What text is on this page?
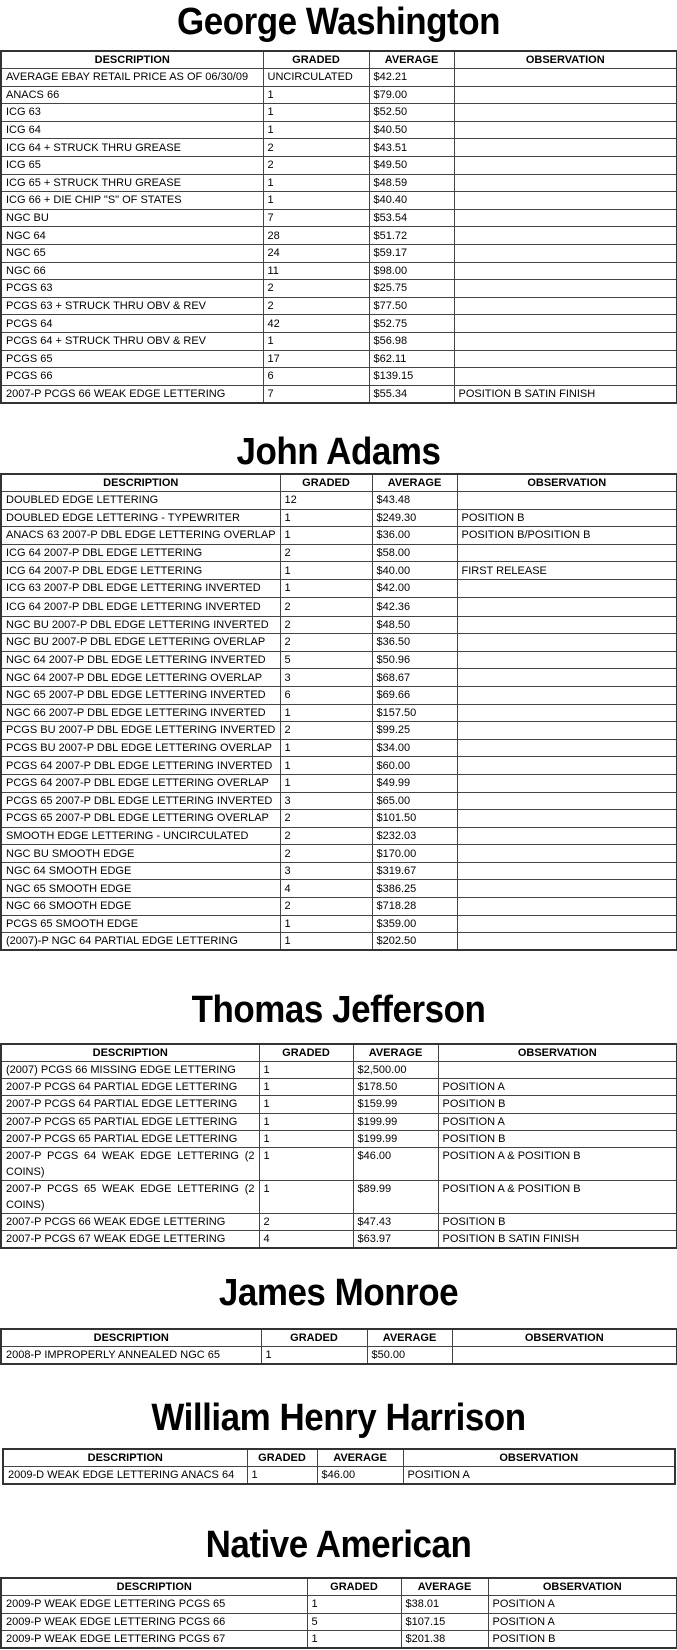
George Washington
DESCRIPTION	GRADED	AVERAGE	OBSERVATION
AVERAGE EBAY RETAIL PRICE AS OF 06/30/09	UNCIRCULATED	$42.21	
ANACS 66	1	$79.00	
ICG 63	1	$52.50	
ICG 64	1	$40.50	
ICG 64 + STRUCK THRU GREASE	2	$43.51	
ICG 65	2	$49.50	
ICG 65 + STRUCK THRU GREASE	1	$48.59	
ICG 66 + DIE CHIP "S" OF STATES	1	$40.40	
NGC BU	7	$53.54	
NGC 64	28	$51.72	
NGC 65	24	$59.17	
NGC 66	11	$98.00	
PCGS 63	2	$25.75	
PCGS 63 + STRUCK THRU OBV & REV	2	$77.50	
PCGS 64	42	$52.75	
PCGS 64 + STRUCK THRU OBV & REV	1	$56.98	
PCGS 65	17	$62.11	
PCGS 66	6	$139.15	
2007-P PCGS 66 WEAK EDGE LETTERING	7	$55.34	POSITION B SATIN FINISH
John Adams
DESCRIPTION	GRADED	AVERAGE	OBSERVATION
DOUBLED EDGE LETTERING	12	$43.48	
DOUBLED EDGE LETTERING - TYPEWRITER	1	$249.30	POSITION B
ANACS 63 2007-P DBL EDGE LETTERING OVERLAP	1	$36.00	POSITION B/POSITION B
ICG 64 2007-P DBL EDGE LETTERING	2	$58.00	
ICG 64 2007-P DBL EDGE LETTERING	1	$40.00	FIRST RELEASE
ICG 63 2007-P DBL EDGE LETTERING INVERTED	1	$42.00	
ICG 64 2007-P DBL EDGE LETTERING INVERTED	2	$42.36	
NGC BU 2007-P DBL EDGE LETTERING INVERTED	2	$48.50	
NGC BU 2007-P DBL EDGE LETTERING OVERLAP	2	$36.50	
NGC 64 2007-P DBL EDGE LETTERING INVERTED	5	$50.96	
NGC 64 2007-P DBL EDGE LETTERING OVERLAP	3	$68.67	
NGC 65 2007-P DBL EDGE LETTERING INVERTED	6	$69.66	
NGC 66 2007-P DBL EDGE LETTERING INVERTED	1	$157.50	
PCGS BU 2007-P DBL EDGE LETTERING INVERTED	2	$99.25	
PCGS BU 2007-P DBL EDGE LETTERING OVERLAP	1	$34.00	
PCGS 64 2007-P DBL EDGE LETTERING INVERTED	1	$60.00	
PCGS 64 2007-P DBL EDGE LETTERING OVERLAP	1	$49.99	
PCGS 65 2007-P DBL EDGE LETTERING INVERTED	3	$65.00	
PCGS 65 2007-P DBL EDGE LETTERING OVERLAP	2	$101.50	
SMOOTH EDGE LETTERING - UNCIRCULATED	2	$232.03	
NGC BU SMOOTH EDGE	2	$170.00	
NGC 64 SMOOTH EDGE	3	$319.67	
NGC 65 SMOOTH EDGE	4	$386.25	
NGC 66 SMOOTH EDGE	2	$718.28	
PCGS 65 SMOOTH EDGE	1	$359.00	
(2007)-P NGC 64 PARTIAL EDGE LETTERING	1	$202.50	
Thomas Jefferson
DESCRIPTION	GRADED	AVERAGE	OBSERVATION
(2007) PCGS 66 MISSING EDGE LETTERING	1	$2,500.00	
2007-P PCGS 64 PARTIAL EDGE LETTERING	1	$178.50	POSITION A
2007-P PCGS 64 PARTIAL EDGE LETTERING	1	$159.99	POSITION B
2007-P PCGS 65 PARTIAL EDGE LETTERING	1	$199.99	POSITION A
2007-P PCGS 65 PARTIAL EDGE LETTERING	1	$199.99	POSITION B
2007-P PCGS 64 WEAK EDGE LETTERING (2 COINS)	1	$46.00	POSITION A & POSITION B
2007-P PCGS 65 WEAK EDGE LETTERING (2 COINS)	1	$89.99	POSITION A & POSITION B
2007-P PCGS 66 WEAK EDGE LETTERING	2	$47.43	POSITION B
2007-P PCGS 67 WEAK EDGE LETTERING	4	$63.97	POSITION B SATIN FINISH
James Monroe
DESCRIPTION	GRADED	AVERAGE	OBSERVATION
2008-P IMPROPERLY ANNEALED NGC 65	1	$50.00	
William Henry Harrison
DESCRIPTION	GRADED	AVERAGE	OBSERVATION
2009-D WEAK EDGE LETTERING ANACS 64	1	$46.00	POSITION A
Native American
DESCRIPTION	GRADED	AVERAGE	OBSERVATION
2009-P WEAK EDGE LETTERING PCGS 65	1	$38.01	POSITION A
2009-P WEAK EDGE LETTERING PCGS 66	5	$107.15	POSITION A
2009-P WEAK EDGE LETTERING PCGS 67	1	$201.38	POSITION B
